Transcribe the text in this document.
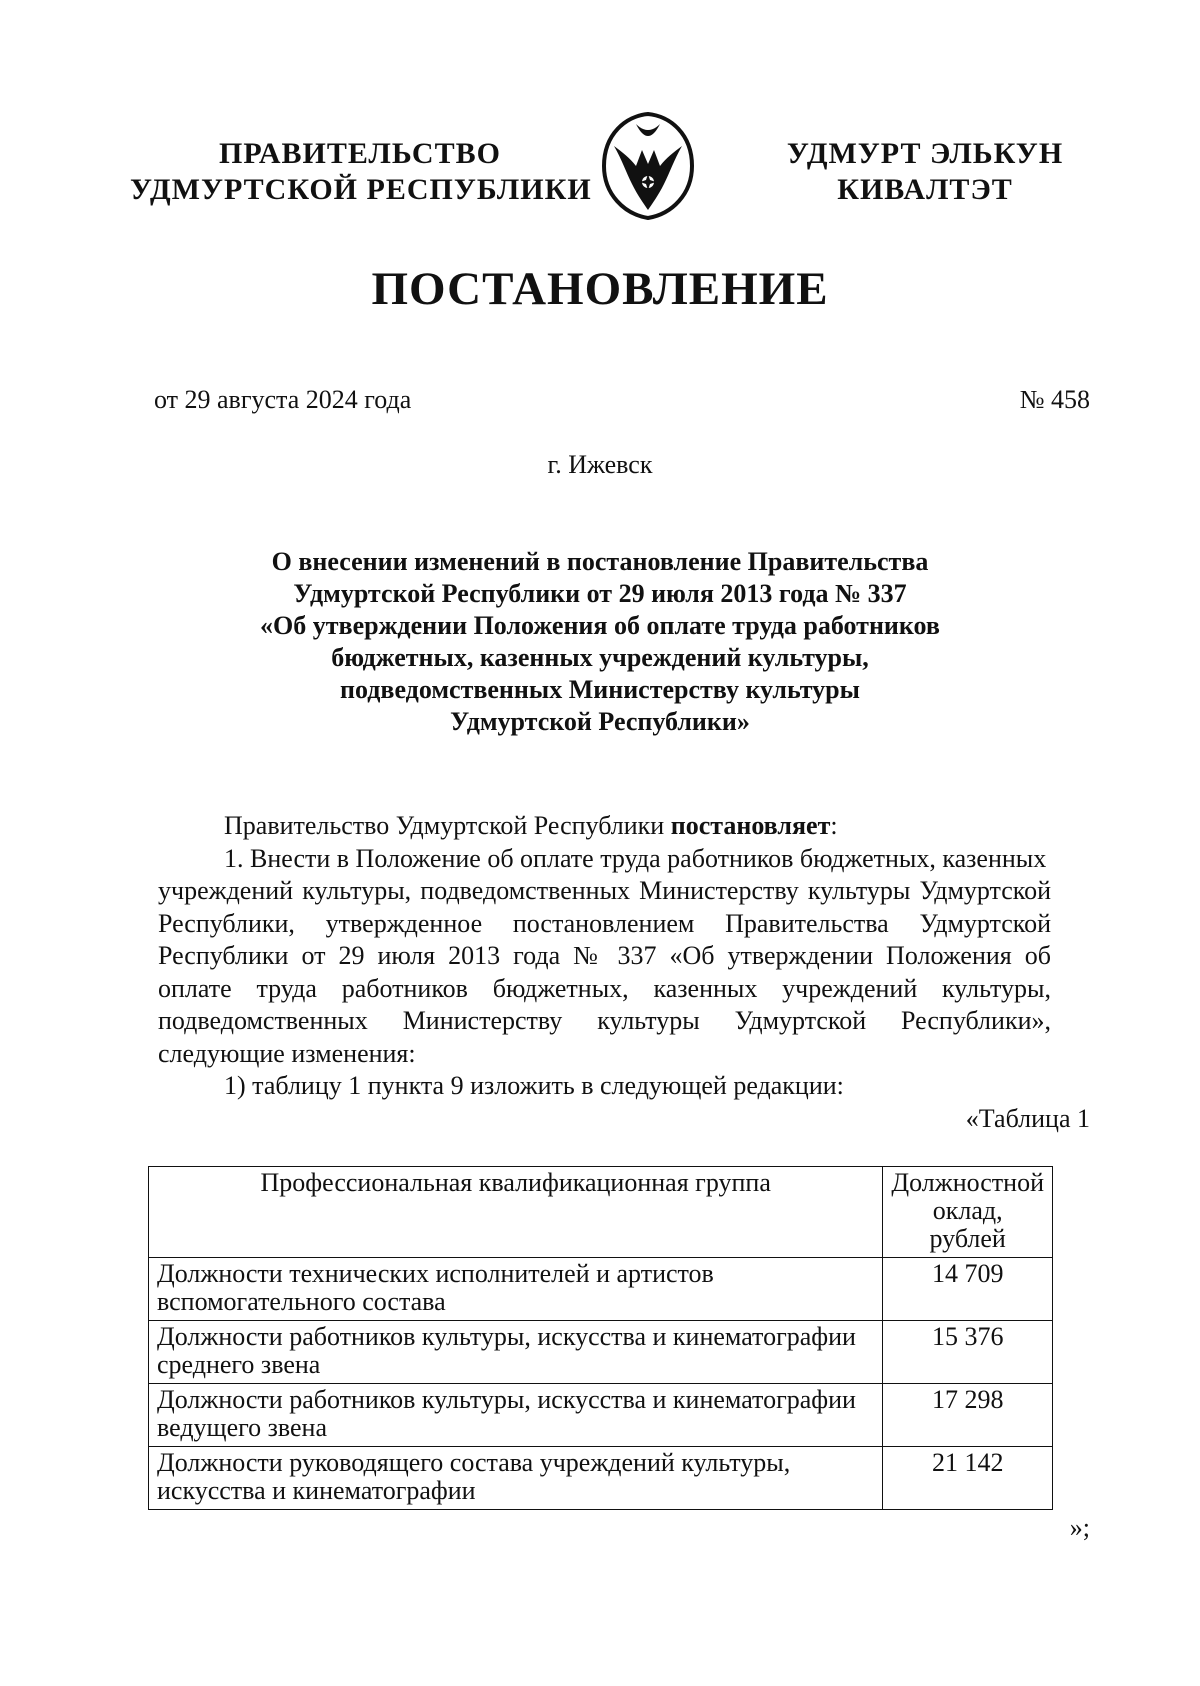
ПРАВИТЕЛЬСТВО
УДМУРТСКОЙ РЕСПУБЛИКИ
УДМУРТ ЭЛЬКУН
КИВАЛТЭТ
ПОСТАНОВЛЕНИЕ
от 29 августа 2024 года	№ 458
г. Ижевск
О внесении изменений в постановление Правительства
Удмуртской Республики от 29 июля 2013 года № 337
«Об утверждении Положения об оплате труда работников
бюджетных, казенных учреждений культуры,
подведомственных Министерству культуры
Удмуртской Республики»

Правительство Удмуртской Республики постановляет:

1. Внести в Положение об оплате труда работников бюджетных, казенных
учреждений культуры, подведомственных Министерству культуры Удмуртской
Республики, утвержденное постановлением Правительства Удмуртской
Республики от 29 июля 2013 года № 337 «Об утверждении Положения об
оплате труда работников бюджетных, казенных учреждений культуры,
подведомственных Министерству культуры Удмуртской Республики»,
следующие изменения:

1) таблицу 1 пункта 9 изложить в следующей редакции:

«Таблица 1
Профессиональная квалификационная группа	Должностной оклад, рублей
Должности технических исполнителей и артистов вспомогательного состава	14 709
Должности работников культуры, искусства и кинематографии среднего звена	15 376
Должности работников культуры, искусства и кинематографии ведущего звена	17 298
Должности руководящего состава учреждений культуры, искусства и кинематографии	21 142
»;
